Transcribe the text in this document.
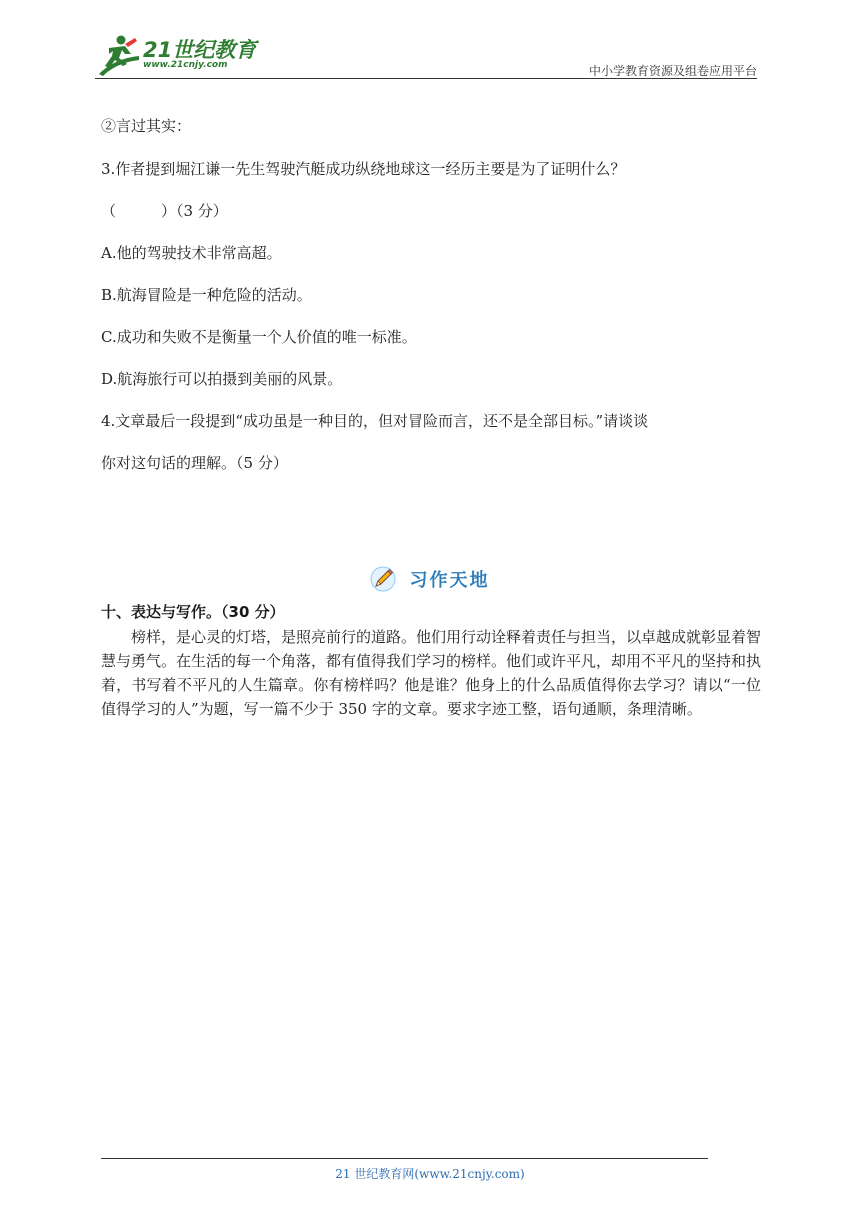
21世纪教育
www.21cnjy.com	中小学教育资源及组卷应用平台
②言过其实：
3.作者提到堀江谦一先生驾驶汽艇成功纵绕地球这一经历主要是为了证明什么？
（　　　）（3 分）
A.他的驾驶技术非常高超。
B.航海冒险是一种危险的活动。
C.成功和失败不是衡量一个人价值的唯一标准。
D.航海旅行可以拍摄到美丽的风景。
4.文章最后一段提到“成功虽是一种目的，但对冒险而言，还不是全部目标。”请谈谈
你对这句话的理解。（5 分）
习作天地
十、表达与写作。（30 分）
榜样，是心灵的灯塔，是照亮前行的道路。他们用行动诠释着责任与担当，以卓越成就彰显着智慧与勇气。在生活的每一个角落，都有值得我们学习的榜样。他们或许平凡，却用不平凡的坚持和执着，书写着不平凡的人生篇章。你有榜样吗？他是谁？他身上的什么品质值得你去学习？请以“一位值得学习的人”为题，写一篇不少于 350 字的文章。要求字迹工整，语句通顺，条理清晰。
21 世纪教育网(www.21cnjy.com)
